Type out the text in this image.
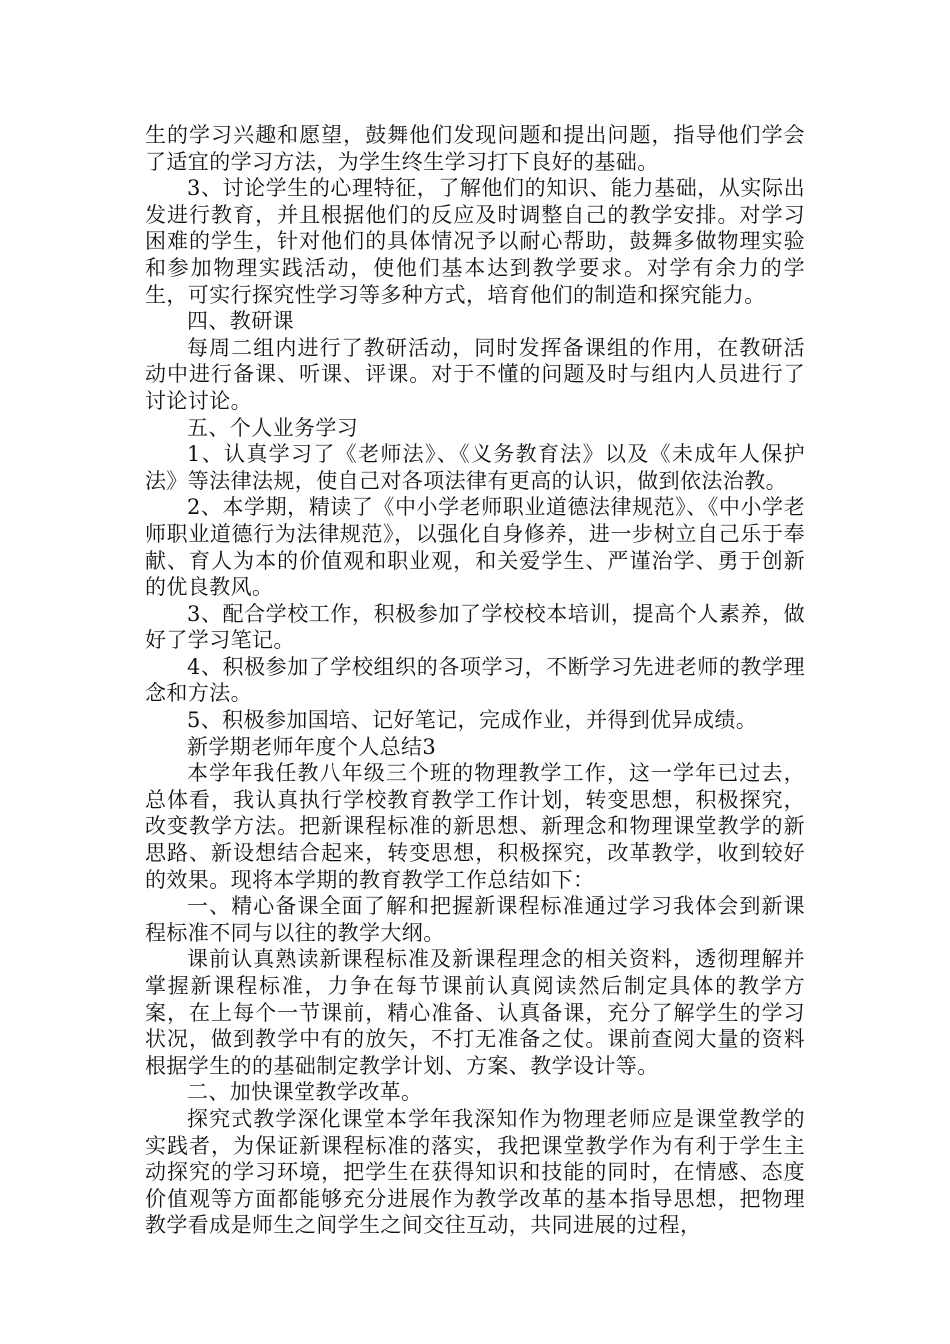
生的学习兴趣和愿望，鼓舞他们发现问题和提出问题，指导他们学会了适宜的学习方法，为学生终生学习打下良好的基础。

3、讨论学生的心理特征，了解他们的知识、能力基础，从实际出发进行教育，并且根据他们的反应及时调整自己的教学安排。对学习困难的学生，针对他们的具体情况予以耐心帮助，鼓舞多做物理实验和参加物理实践活动，使他们基本达到教学要求。对学有余力的学生，可实行探究性学习等多种方式，培育他们的制造和探究能力。

四、教研课

每周二组内进行了教研活动，同时发挥备课组的作用，在教研活动中进行备课、听课、评课。对于不懂的问题及时与组内人员进行了讨论讨论。

五、个人业务学习

1、认真学习了《老师法》、《义务教育法》以及《未成年人保护法》等法律法规，使自己对各项法律有更高的认识，做到依法治教。

2、本学期，精读了《中小学老师职业道德法律规范》、《中小学老师职业道德行为法律规范》，以强化自身修养，进一步树立自己乐于奉献、育人为本的价值观和职业观，和关爱学生、严谨治学、勇于创新的优良教风。

3、配合学校工作，积极参加了学校校本培训，提高个人素养，做好了学习笔记。

4、积极参加了学校组织的各项学习，不断学习先进老师的教学理念和方法。

5、积极参加国培、记好笔记，完成作业，并得到优异成绩。

新学期老师年度个人总结3

本学年我任教八年级三个班的物理教学工作，这一学年已过去，总体看，我认真执行学校教育教学工作计划，转变思想，积极探究，改变教学方法。把新课程标准的新思想、新理念和物理课堂教学的新思路、新设想结合起来，转变思想，积极探究，改革教学，收到较好的效果。现将本学期的教育教学工作总结如下：

一、精心备课全面了解和把握新课程标准通过学习我体会到新课程标准不同与以往的教学大纲。

课前认真熟读新课程标准及新课程理念的相关资料，透彻理解并掌握新课程标准，力争在每节课前认真阅读然后制定具体的教学方案，在上每个一节课前，精心准备、认真备课，充分了解学生的学习状况，做到教学中有的放矢，不打无准备之仗。课前查阅大量的资料根据学生的的基础制定教学计划、方案、教学设计等。

二、加快课堂教学改革。

探究式教学深化课堂本学年我深知作为物理老师应是课堂教学的实践者，为保证新课程标准的落实，我把课堂教学作为有利于学生主动探究的学习环境，把学生在获得知识和技能的同时，在情感、态度价值观等方面都能够充分进展作为教学改革的基本指导思想，把物理教学看成是师生之间学生之间交往互动，共同进展的过程，
